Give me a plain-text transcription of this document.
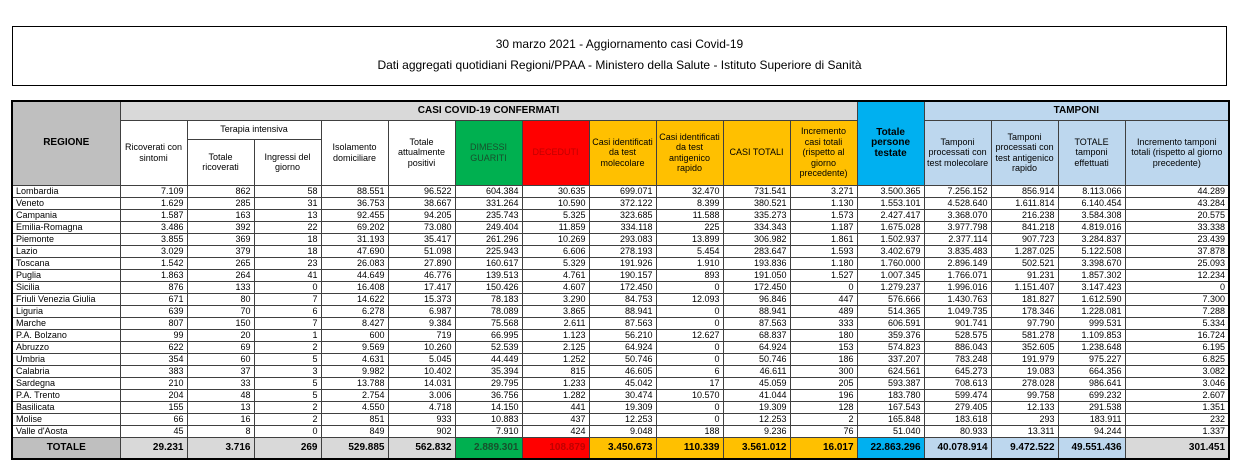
30 marzo 2021 - Aggiornamento casi Covid-19
Dati aggregati quotidiani Regioni/PPAA - Ministero della Salute - Istituto Superiore di Sanità
REGIONE	CASI COVID-19 CONFERMATI											Totale persone testate	TAMPONI			
	Ricoverati con sintomi	Terapia intensiva		Isolamento domiciliare	Totale attualmente positivi	DIMESSI GUARITI	DECEDUTI	Casi identificati da test molecolare	Casi identificati da test antigenico rapido	CASI TOTALI	Incremento casi totali (rispetto al giorno precedente)		Tamponi processati con test molecolare	Tamponi processati con test antigenico rapido	TOTALE tamponi effettuati	Incremento tamponi totali (rispetto al giorno precedente)
		Totale ricoverati	Ingressi del giorno													
Lombardia	7.109	862	58	88.551	96.522	604.384	30.635	699.071	32.470	731.541	3.271	3.500.365	7.256.152	856.914	8.113.066	44.289
Veneto	1.629	285	31	36.753	38.667	331.264	10.590	372.122	8.399	380.521	1.130	1.553.101	4.528.640	1.611.814	6.140.454	43.284
Campania	1.587	163	13	92.455	94.205	235.743	5.325	323.685	11.588	335.273	1.573	2.427.417	3.368.070	216.238	3.584.308	20.575
Emilia-Romagna	3.486	392	22	69.202	73.080	249.404	11.859	334.118	225	334.343	1.187	1.675.028	3.977.798	841.218	4.819.016	33.338
Piemonte	3.855	369	18	31.193	35.417	261.296	10.269	293.083	13.899	306.982	1.861	1.502.937	2.377.114	907.723	3.284.837	23.439
Lazio	3.029	379	18	47.690	51.098	225.943	6.606	278.193	5.454	283.647	1.593	3.402.679	3.835.483	1.287.025	5.122.508	37.878
Toscana	1.542	265	23	26.083	27.890	160.617	5.329	191.926	1.910	193.836	1.180	1.760.000	2.896.149	502.521	3.398.670	25.093
Puglia	1.863	264	41	44.649	46.776	139.513	4.761	190.157	893	191.050	1.527	1.007.345	1.766.071	91.231	1.857.302	12.234
Sicilia	876	133	0	16.408	17.417	150.426	4.607	172.450	0	172.450	0	1.279.237	1.996.016	1.151.407	3.147.423	0
Friuli Venezia Giulia	671	80	7	14.622	15.373	78.183	3.290	84.753	12.093	96.846	447	576.666	1.430.763	181.827	1.612.590	7.300
Liguria	639	70	6	6.278	6.987	78.089	3.865	88.941	0	88.941	489	514.365	1.049.735	178.346	1.228.081	7.288
Marche	807	150	7	8.427	9.384	75.568	2.611	87.563	0	87.563	333	606.591	901.741	97.790	999.531	5.334
P.A. Bolzano	99	20	1	600	719	66.995	1.123	56.210	12.627	68.837	180	359.376	528.575	581.278	1.109.853	16.724
Abruzzo	622	69	2	9.569	10.260	52.539	2.125	64.924	0	64.924	153	574.823	886.043	352.605	1.238.648	6.195
Umbria	354	60	5	4.631	5.045	44.449	1.252	50.746	0	50.746	186	337.207	783.248	191.979	975.227	6.825
Calabria	383	37	3	9.982	10.402	35.394	815	46.605	6	46.611	300	624.561	645.273	19.083	664.356	3.082
Sardegna	210	33	5	13.788	14.031	29.795	1.233	45.042	17	45.059	205	593.387	708.613	278.028	986.641	3.046
P.A. Trento	204	48	5	2.754	3.006	36.756	1.282	30.474	10.570	41.044	196	183.780	599.474	99.758	699.232	2.607
Basilicata	155	13	2	4.550	4.718	14.150	441	19.309	0	19.309	128	167.543	279.405	12.133	291.538	1.351
Molise	66	16	2	851	933	10.883	437	12.253	0	12.253	2	165.848	183.618	293	183.911	232
Valle d'Aosta	45	8	0	849	902	7.910	424	9.048	188	9.236	76	51.040	80.933	13.311	94.244	1.337
TOTALE	29.231	3.716	269	529.885	562.832	2.889.301	108.879	3.450.673	110.339	3.561.012	16.017	22.863.296	40.078.914	9.472.522	49.551.436	301.451
